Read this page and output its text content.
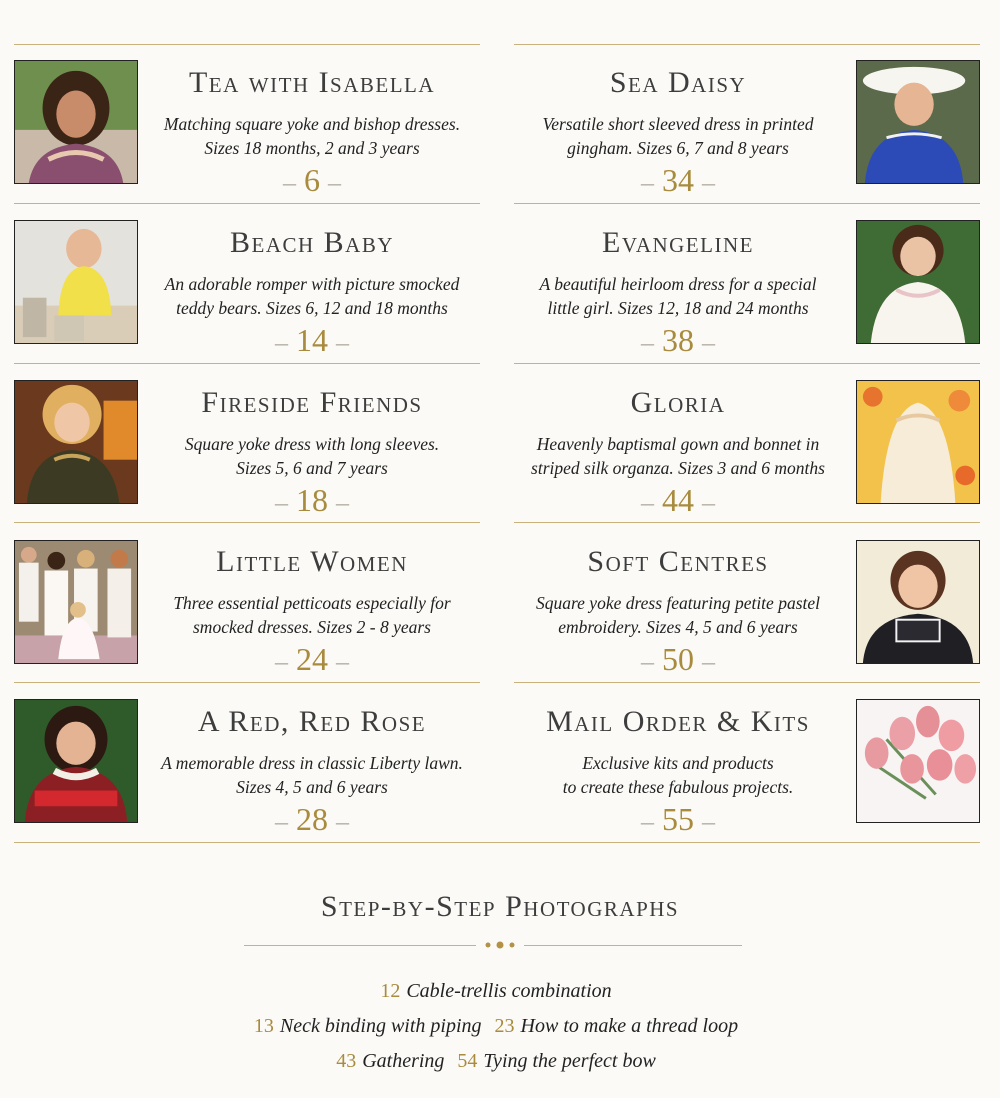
Tea with Isabella
Matching square yoke and bishop dresses.
Sizes 18 months, 2 and 3 years
– 6 –
Beach Baby
An adorable romper with picture smocked
teddy bears. Sizes 6, 12 and 18 months
– 14 –
Fireside Friends
Square yoke dress with long sleeves.
Sizes 5, 6 and 7 years
– 18 –
Little Women
Three essential petticoats especially for
smocked dresses. Sizes 2 - 8 years
– 24 –
A Red, Red Rose
A memorable dress in classic Liberty lawn.
Sizes 4, 5 and 6 years
– 28 –
Sea Daisy
Versatile short sleeved dress in printed
gingham. Sizes 6, 7 and 8 years
– 34 –
Evangeline
A beautiful heirloom dress for a special
little girl. Sizes 12, 18 and 24 months
– 38 –
Gloria
Heavenly baptismal gown and bonnet in
striped silk organza. Sizes 3 and 6 months
– 44 –
Soft Centres
Square yoke dress featuring petite pastel
embroidery. Sizes 4, 5 and 6 years
– 50 –
Mail Order & Kits
Exclusive kits and products
to create these fabulous projects.
– 55 –
Step-by-Step Photographs
12 Cable-trellis combination
13 Neck binding with piping 23 How to make a thread loop
43 Gathering 54 Tying the perfect bow
